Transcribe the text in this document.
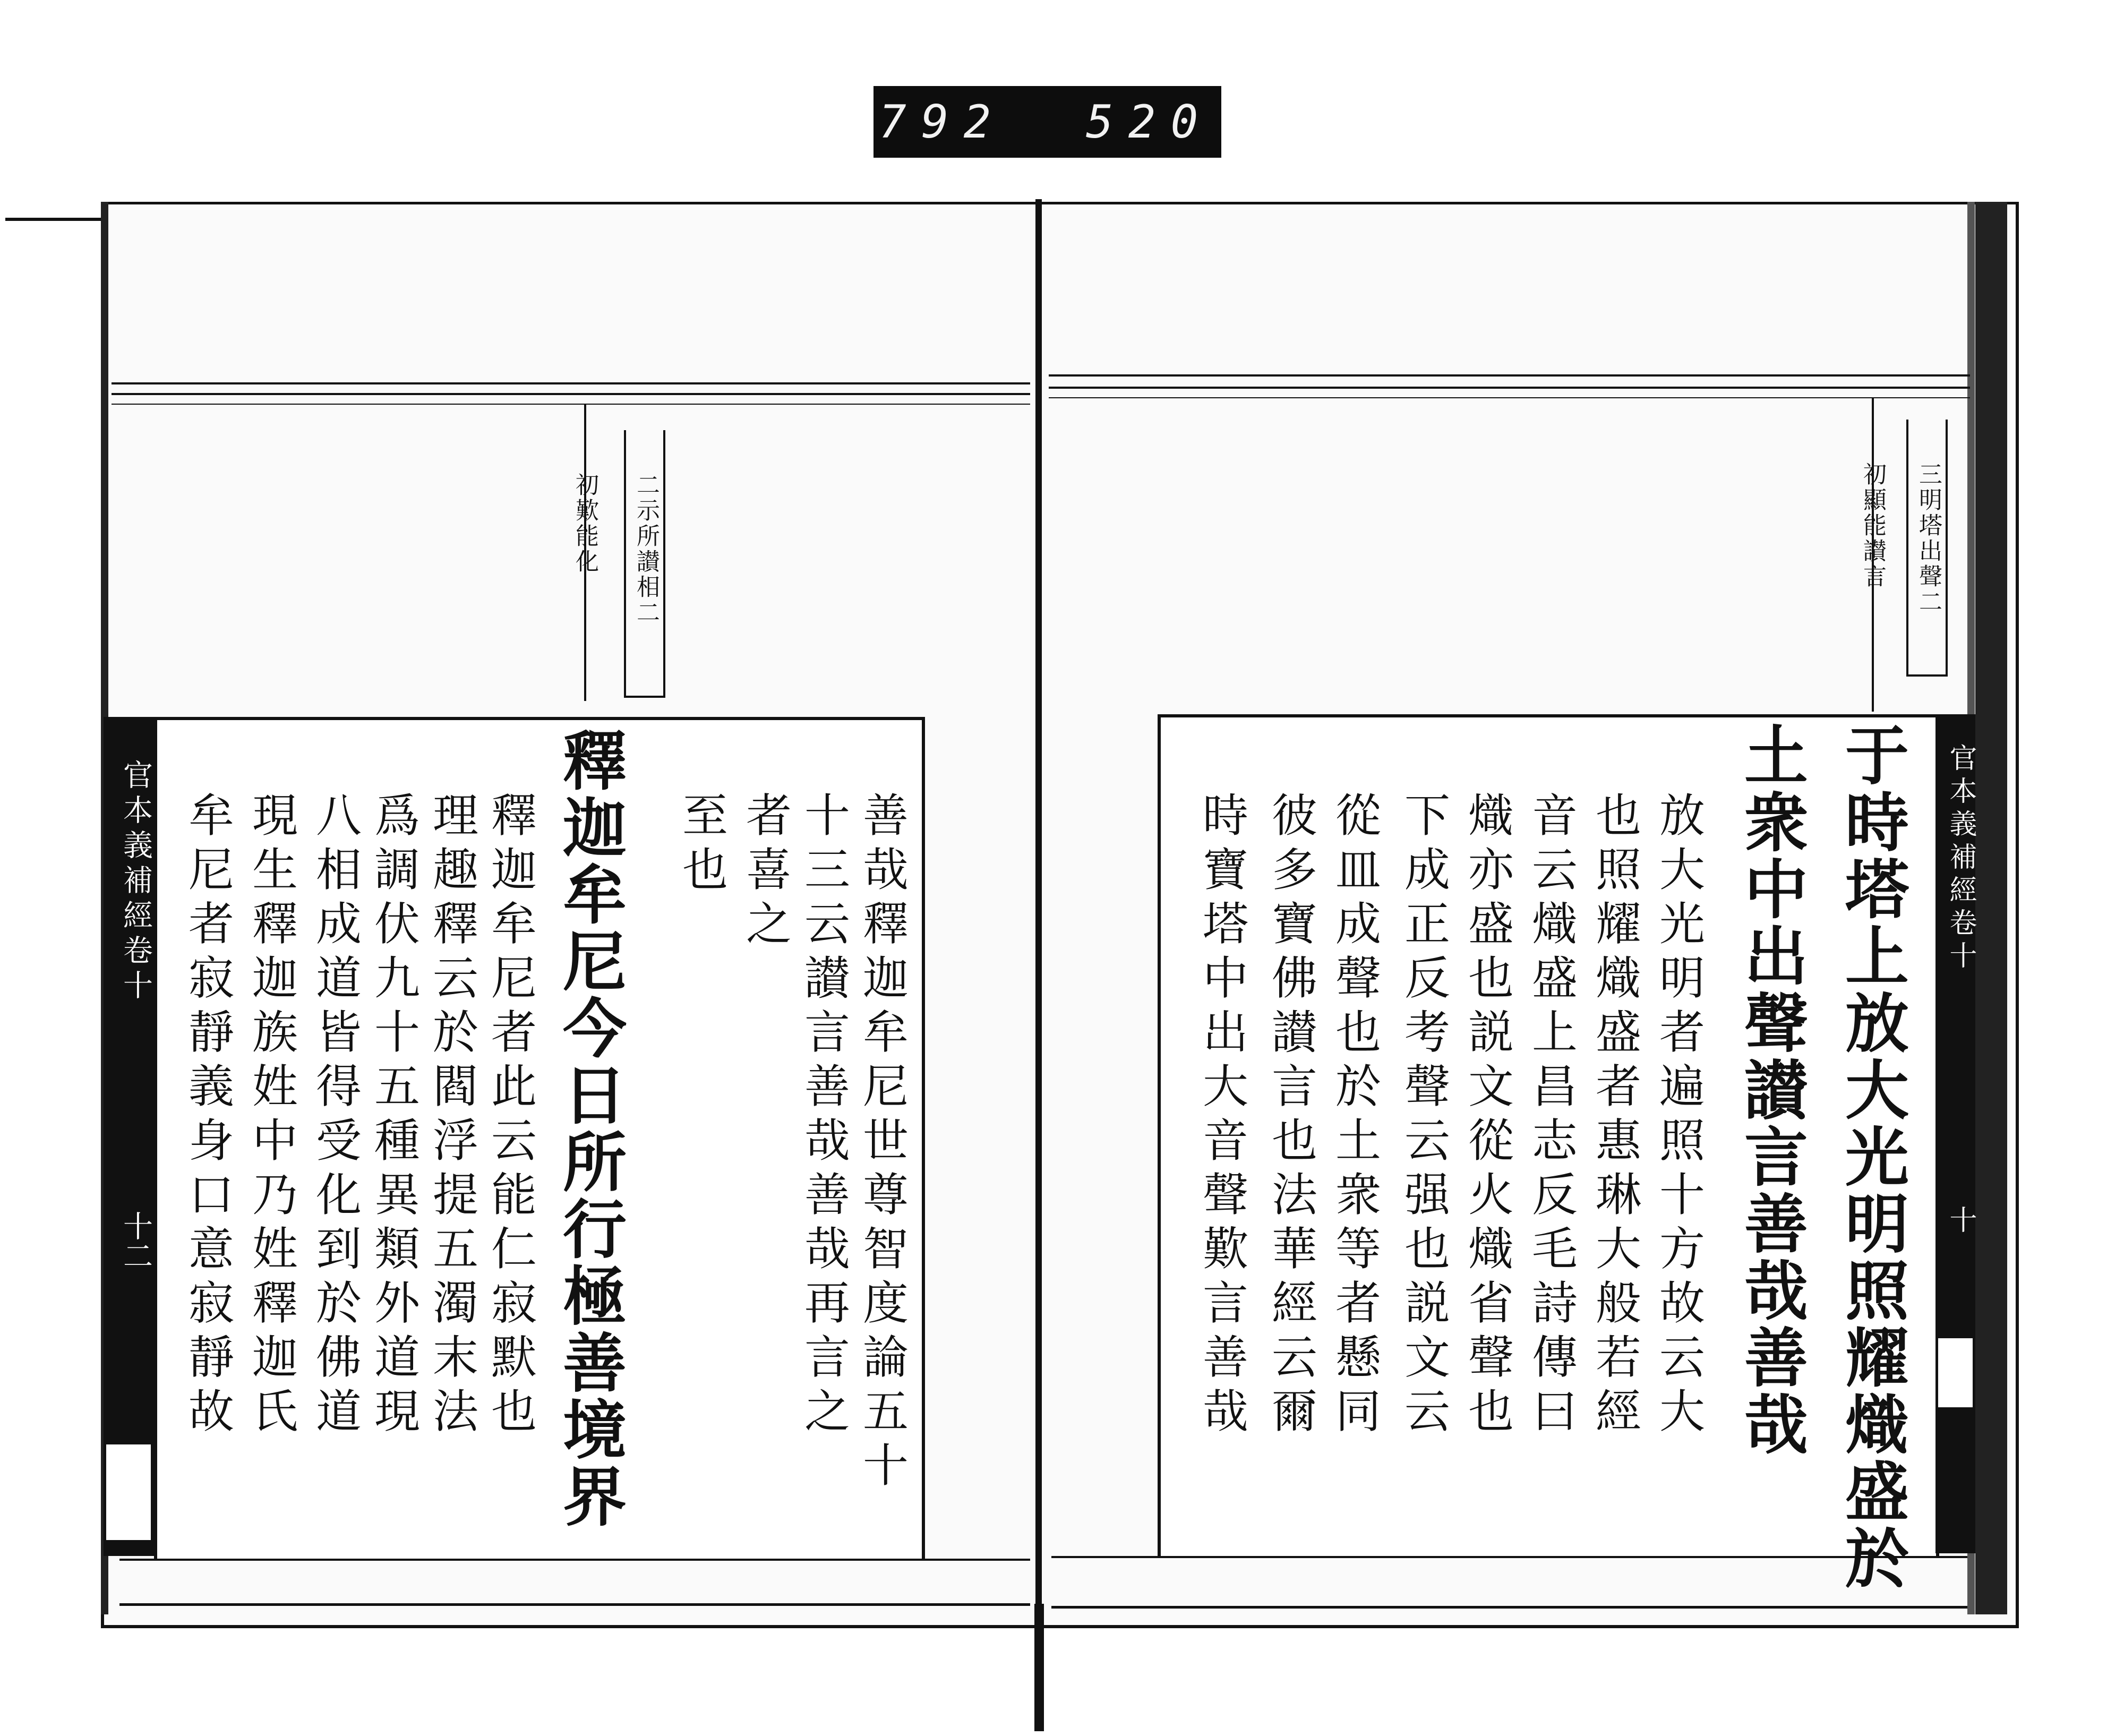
792 520
初歎能化 二示所讃相二
官本義補經卷十
十二	釋迦牟尼今日所行極善境界	善哉釋迦牟尼世尊智度論五十
十三云讃言善哉善哉再言之
者喜之
至也
釋迦牟尼者此云能仁寂默也
理趣釋云於閻浮提五濁末法
爲調伏九十五種異類外道現
八相成道皆得受化到於佛道
現生釋迦族姓中乃姓釋迦氏
牟尼者寂靜義身口意寂靜故
三明塔出聲二
初顯能讃言
官本義補經卷十
十
于時塔上放大光明照耀熾盛於
土衆中出聲讃言善哉善哉
放大光明者遍照十方故云大
也照耀熾盛者惠琳大般若經
音云熾盛上昌志反毛詩傳曰
熾亦盛也説文從火熾省聲也
下成正反考聲云强也説文云
從皿成聲也於土衆等者懸同
彼多寶佛讃言也法華經云爾
時寶塔中出大音聲歎言善哉
